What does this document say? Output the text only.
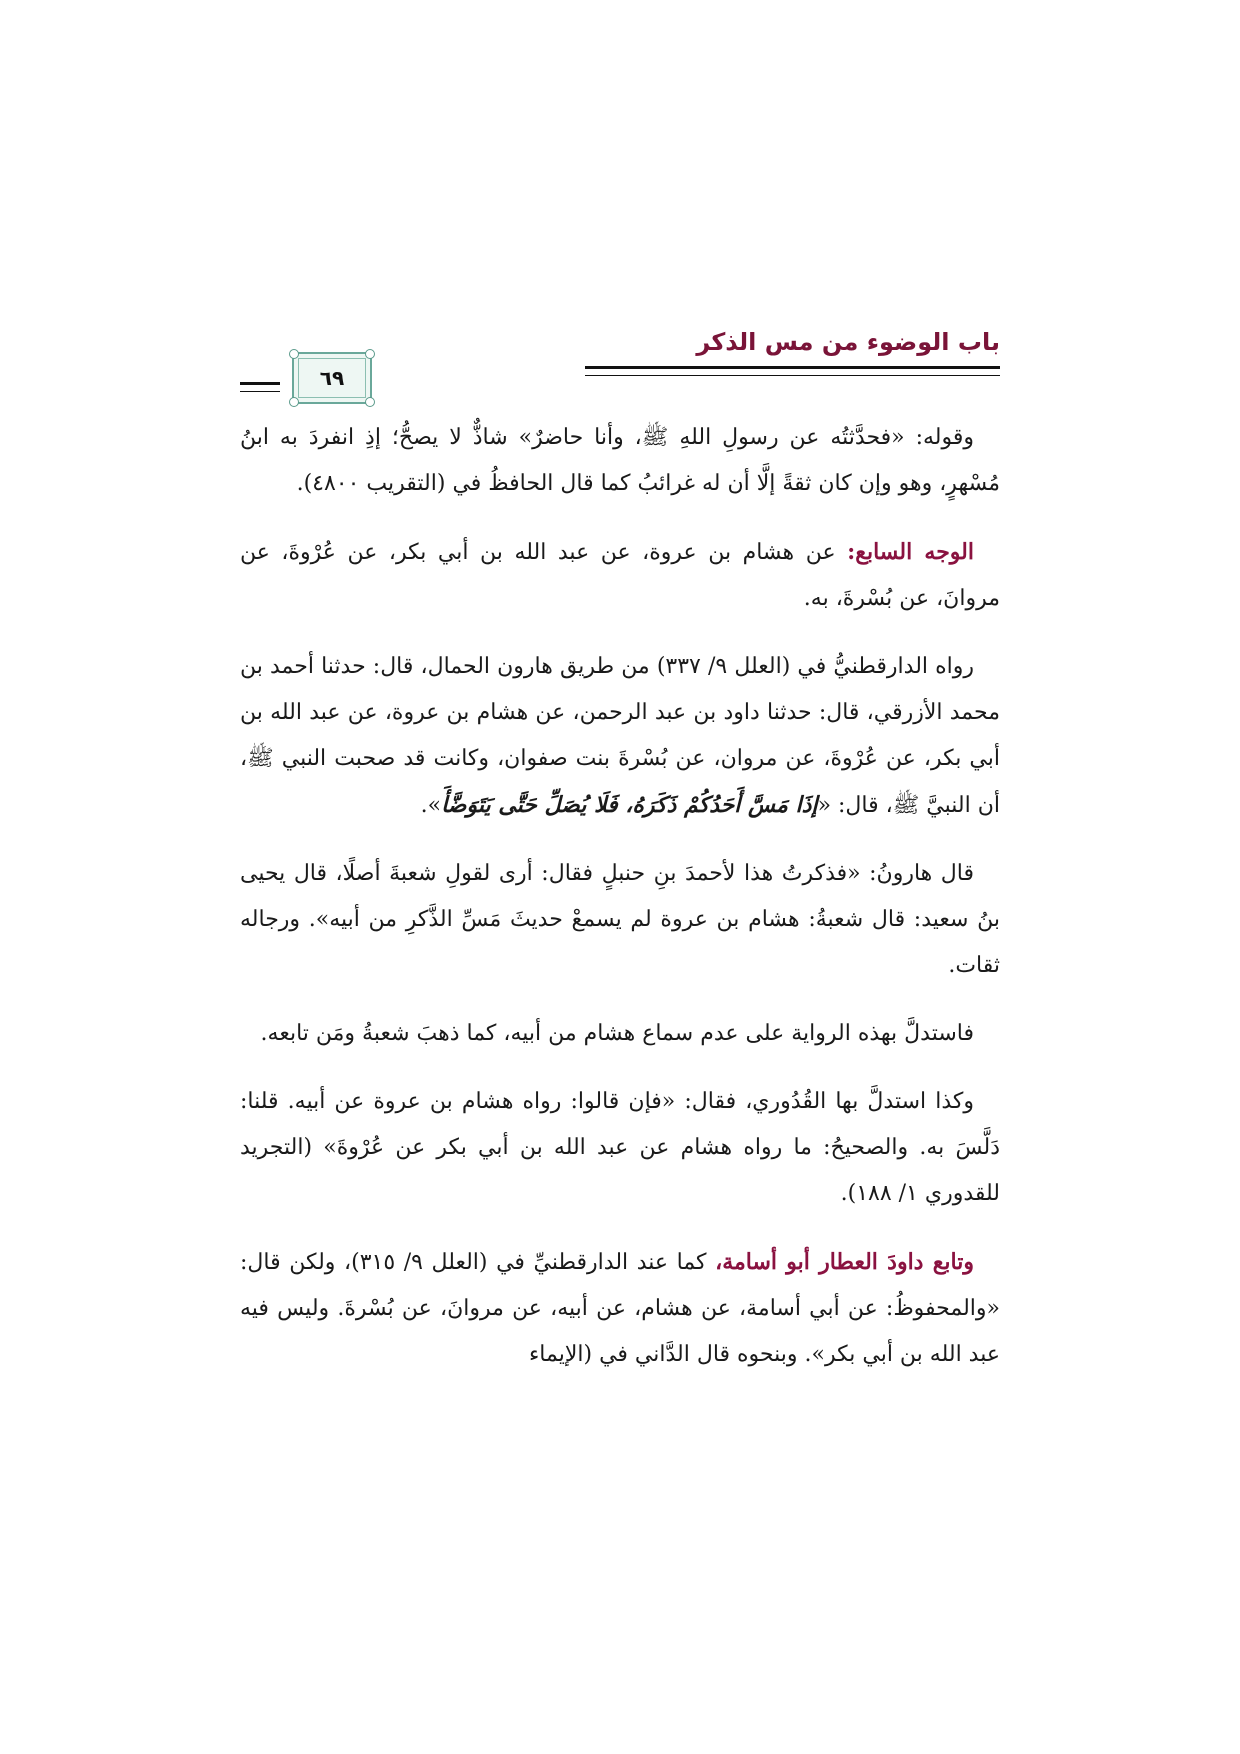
باب الوضوء من مس الذكر
٦٩

وقوله: «فحدَّثتُه عن رسولِ اللهِ ﷺ، وأنا حاضرٌ» شاذٌّ لا يصحُّ؛ إذِ انفردَ به ابنُ مُسْهرٍ، وهو وإن كان ثقةً إلَّا أن له غرائبُ كما قال الحافظُ في (التقريب ٤٨٠٠).

الوجه السابع: عن هشام بن عروة، عن عبد الله بن أبي بكر، عن عُرْوةَ، عن مروانَ، عن بُسْرةَ، به.

رواه الدارقطنيُّ في (العلل ٩/ ٣٣٧) من طريق هارون الحمال، قال: حدثنا أحمد بن محمد الأزرقي، قال: حدثنا داود بن عبد الرحمن، عن هشام بن عروة، عن عبد الله بن أبي بكر، عن عُرْوةَ، عن مروان، عن بُسْرةَ بنت صفوان، وكانت قد صحبت النبي ﷺ، أن النبيَّ ﷺ، قال: «إذَا مَسَّ أَحَدُكُمْ ذَكَرَهُ، فَلَا يُصَلِّ حَتَّى يَتَوَضَّأَ».

قال هارونُ: «فذكرتُ هذا لأحمدَ بنِ حنبلٍ فقال: أرى لقولِ شعبةَ أصلًا، قال يحيى بنُ سعيد: قال شعبةُ: هشام بن عروة لم يسمعْ حديثَ مَسِّ الذَّكرِ من أبيه». ورجاله ثقات.

فاستدلَّ بهذه الرواية على عدم سماع هشام من أبيه، كما ذهبَ شعبةُ ومَن تابعه.

وكذا استدلَّ بها القُدُوري، فقال: «فإن قالوا: رواه هشام بن عروة عن أبيه. قلنا: دَلَّسَ به. والصحيحُ: ما رواه هشام عن عبد الله بن أبي بكر عن عُرْوةَ» (التجريد للقدوري ١/ ١٨٨).

وتابع داودَ العطار أبو أسامة، كما عند الدارقطنيِّ في (العلل ٩/ ٣١٥)، ولكن قال: «والمحفوظُ: عن أبي أسامة، عن هشام، عن أبيه، عن مروانَ، عن بُسْرةَ. وليس فيه عبد الله بن أبي بكر». وبنحوه قال الدَّاني في (الإيماء
